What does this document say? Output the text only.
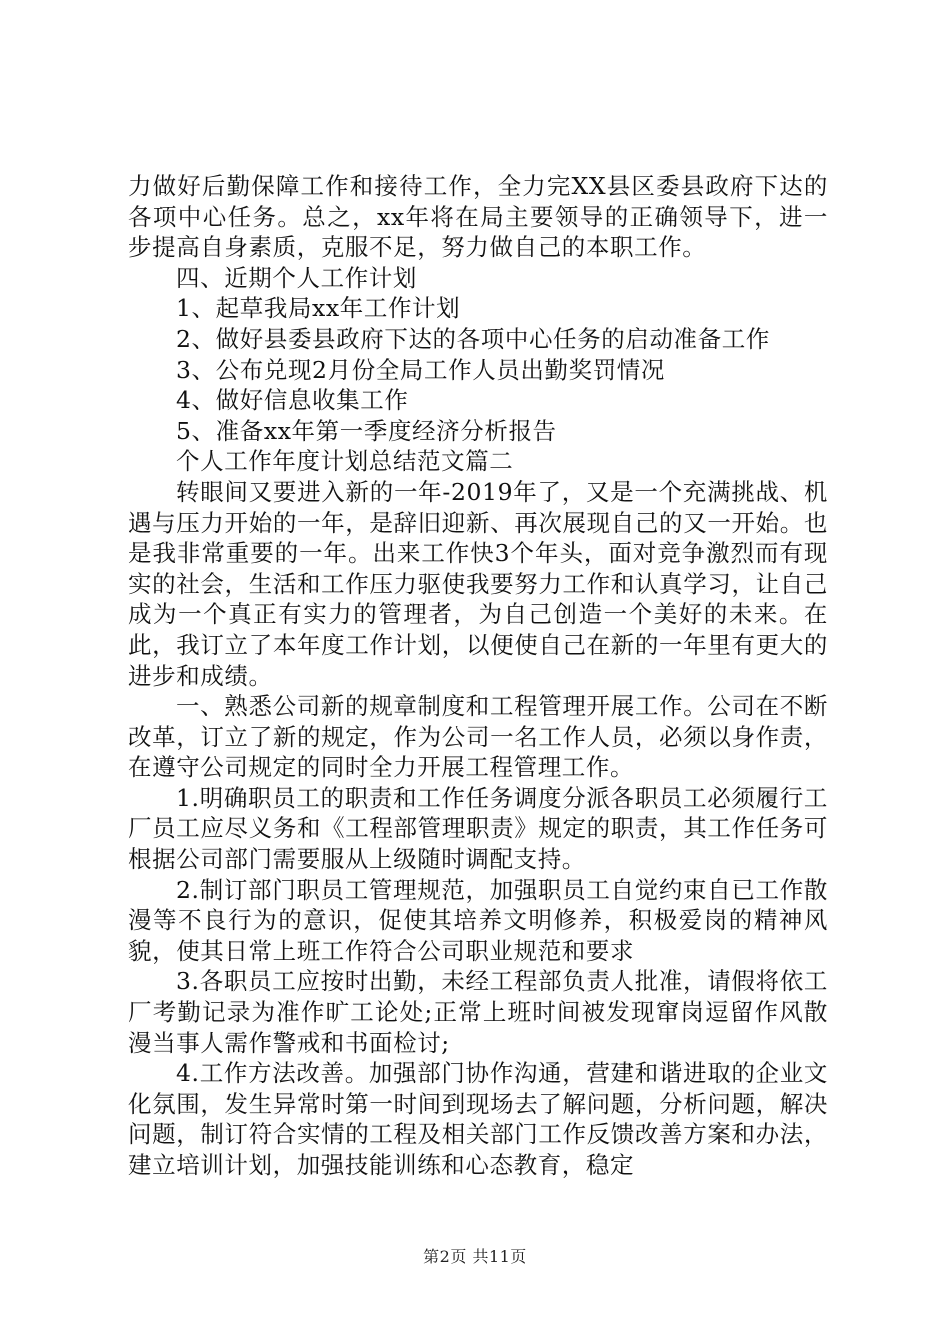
力做好后勤保障工作和接待工作，全力完XX县区委县政府下达的各项中心任务。总之，xx年将在局主要领导的正确领导下，进一步提高自身素质，克服不足，努力做自己的本职工作。

四、近期个人工作计划

1、起草我局xx年工作计划

2、做好县委县政府下达的各项中心任务的启动准备工作

3、公布兑现2月份全局工作人员出勤奖罚情况

4、做好信息收集工作

5、准备xx年第一季度经济分析报告

个人工作年度计划总结范文篇二

转眼间又要进入新的一年-2019年了，又是一个充满挑战、机遇与压力开始的一年，是辞旧迎新、再次展现自己的又一开始。也是我非常重要的一年。出来工作快3个年头，面对竞争激烈而有现实的社会，生活和工作压力驱使我要努力工作和认真学习，让自己成为一个真正有实力的管理者，为自己创造一个美好的未来。在此，我订立了本年度工作计划，以便使自己在新的一年里有更大的进步和成绩。

一、熟悉公司新的规章制度和工程管理开展工作。公司在不断改革，订立了新的规定，作为公司一名工作人员，必须以身作责，在遵守公司规定的同时全力开展工程管理工作。

1.明确职员工的职责和工作任务调度分派各职员工必须履行工厂员工应尽义务和《工程部管理职责》规定的职责，其工作任务可根据公司部门需要服从上级随时调配支持。

2.制订部门职员工管理规范，加强职员工自觉约束自已工作散漫等不良行为的意识，促使其培养文明修养，积极爱岗的精神风貌，使其日常上班工作符合公司职业规范和要求

3.各职员工应按时出勤，未经工程部负责人批准，请假将依工厂考勤记录为准作旷工论处;正常上班时间被发现窜岗逗留作风散漫当事人需作警戒和书面检讨;

4.工作方法改善。加强部门协作沟通，营建和谐进取的企业文化氛围，发生异常时第一时间到现场去了解问题，分析问题，解决问题，制订符合实情的工程及相关部门工作反馈改善方案和办法，建立培训计划，加强技能训练和心态教育，稳定

第2页 共11页
